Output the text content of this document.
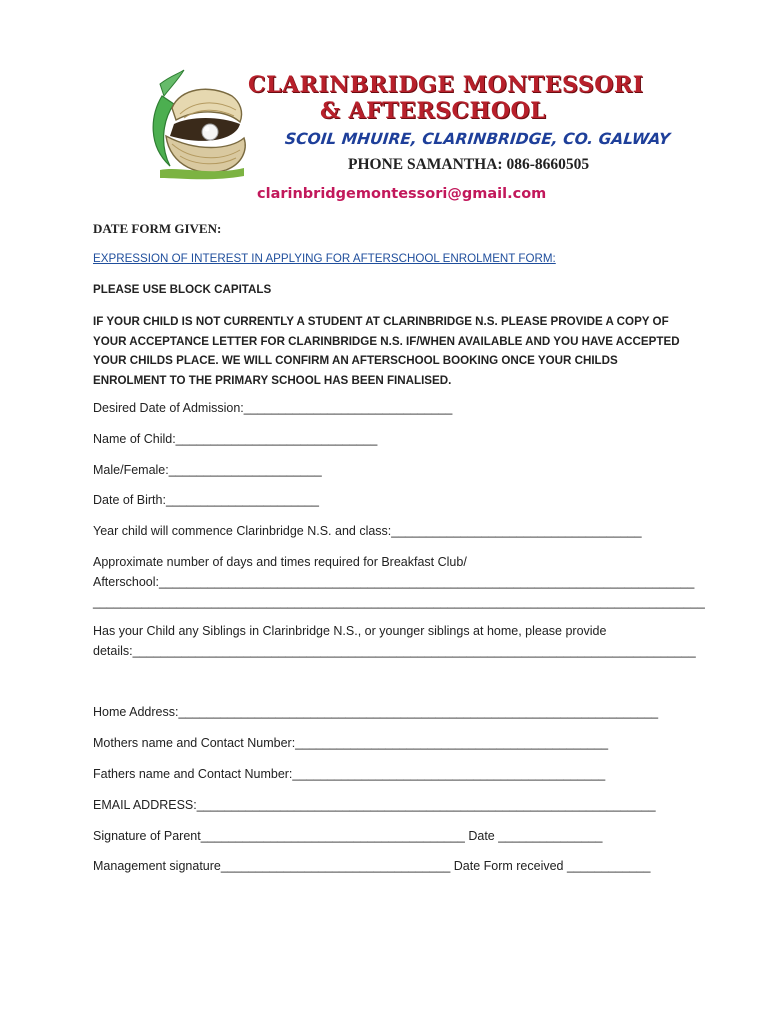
CLARINBRIDGE MONTESSORI
& AFTERSCHOOL
SCOIL MHUIRE, CLARINBRIDGE, CO. GALWAY
PHONE SAMANTHA: 086-8660505
clarinbridgemontessori@gmail.com
DATE FORM GIVEN:
EXPRESSION OF INTEREST IN APPLYING FOR AFTERSCHOOL ENROLMENT FORM:
PLEASE USE BLOCK CAPITALS
IF YOUR CHILD IS NOT CURRENTLY A STUDENT AT CLARINBRIDGE N.S. PLEASE PROVIDE A COPY OF YOUR ACCEPTANCE LETTER FOR CLARINBRIDGE N.S. IF/WHEN AVAILABLE AND YOU HAVE ACCEPTED YOUR CHILDS PLACE. WE WILL CONFIRM AN AFTERSCHOOL BOOKING ONCE YOUR CHILDS ENROLMENT TO THE PRIMARY SCHOOL HAS BEEN FINALISED.
Desired Date of Admission:______________________________
Name of Child:_____________________________
Male/Female:______________________
Date of Birth:______________________
Year child will commence Clarinbridge N.S. and class:____________________________________
Approximate number of days and times required for Breakfast Club/
Afterschool:_____________________________________________________________________________
________________________________________________________________________________________
Has your Child any Siblings in Clarinbridge N.S., or younger siblings at home, please provide
details:_________________________________________________________________________________
Home Address:_____________________________________________________________________
Mothers name and Contact Number:_____________________________________________
Fathers name and Contact Number:_____________________________________________
EMAIL ADDRESS:__________________________________________________________________
Signature of Parent______________________________________ Date _______________
Management signature_________________________________ Date Form received ____________
